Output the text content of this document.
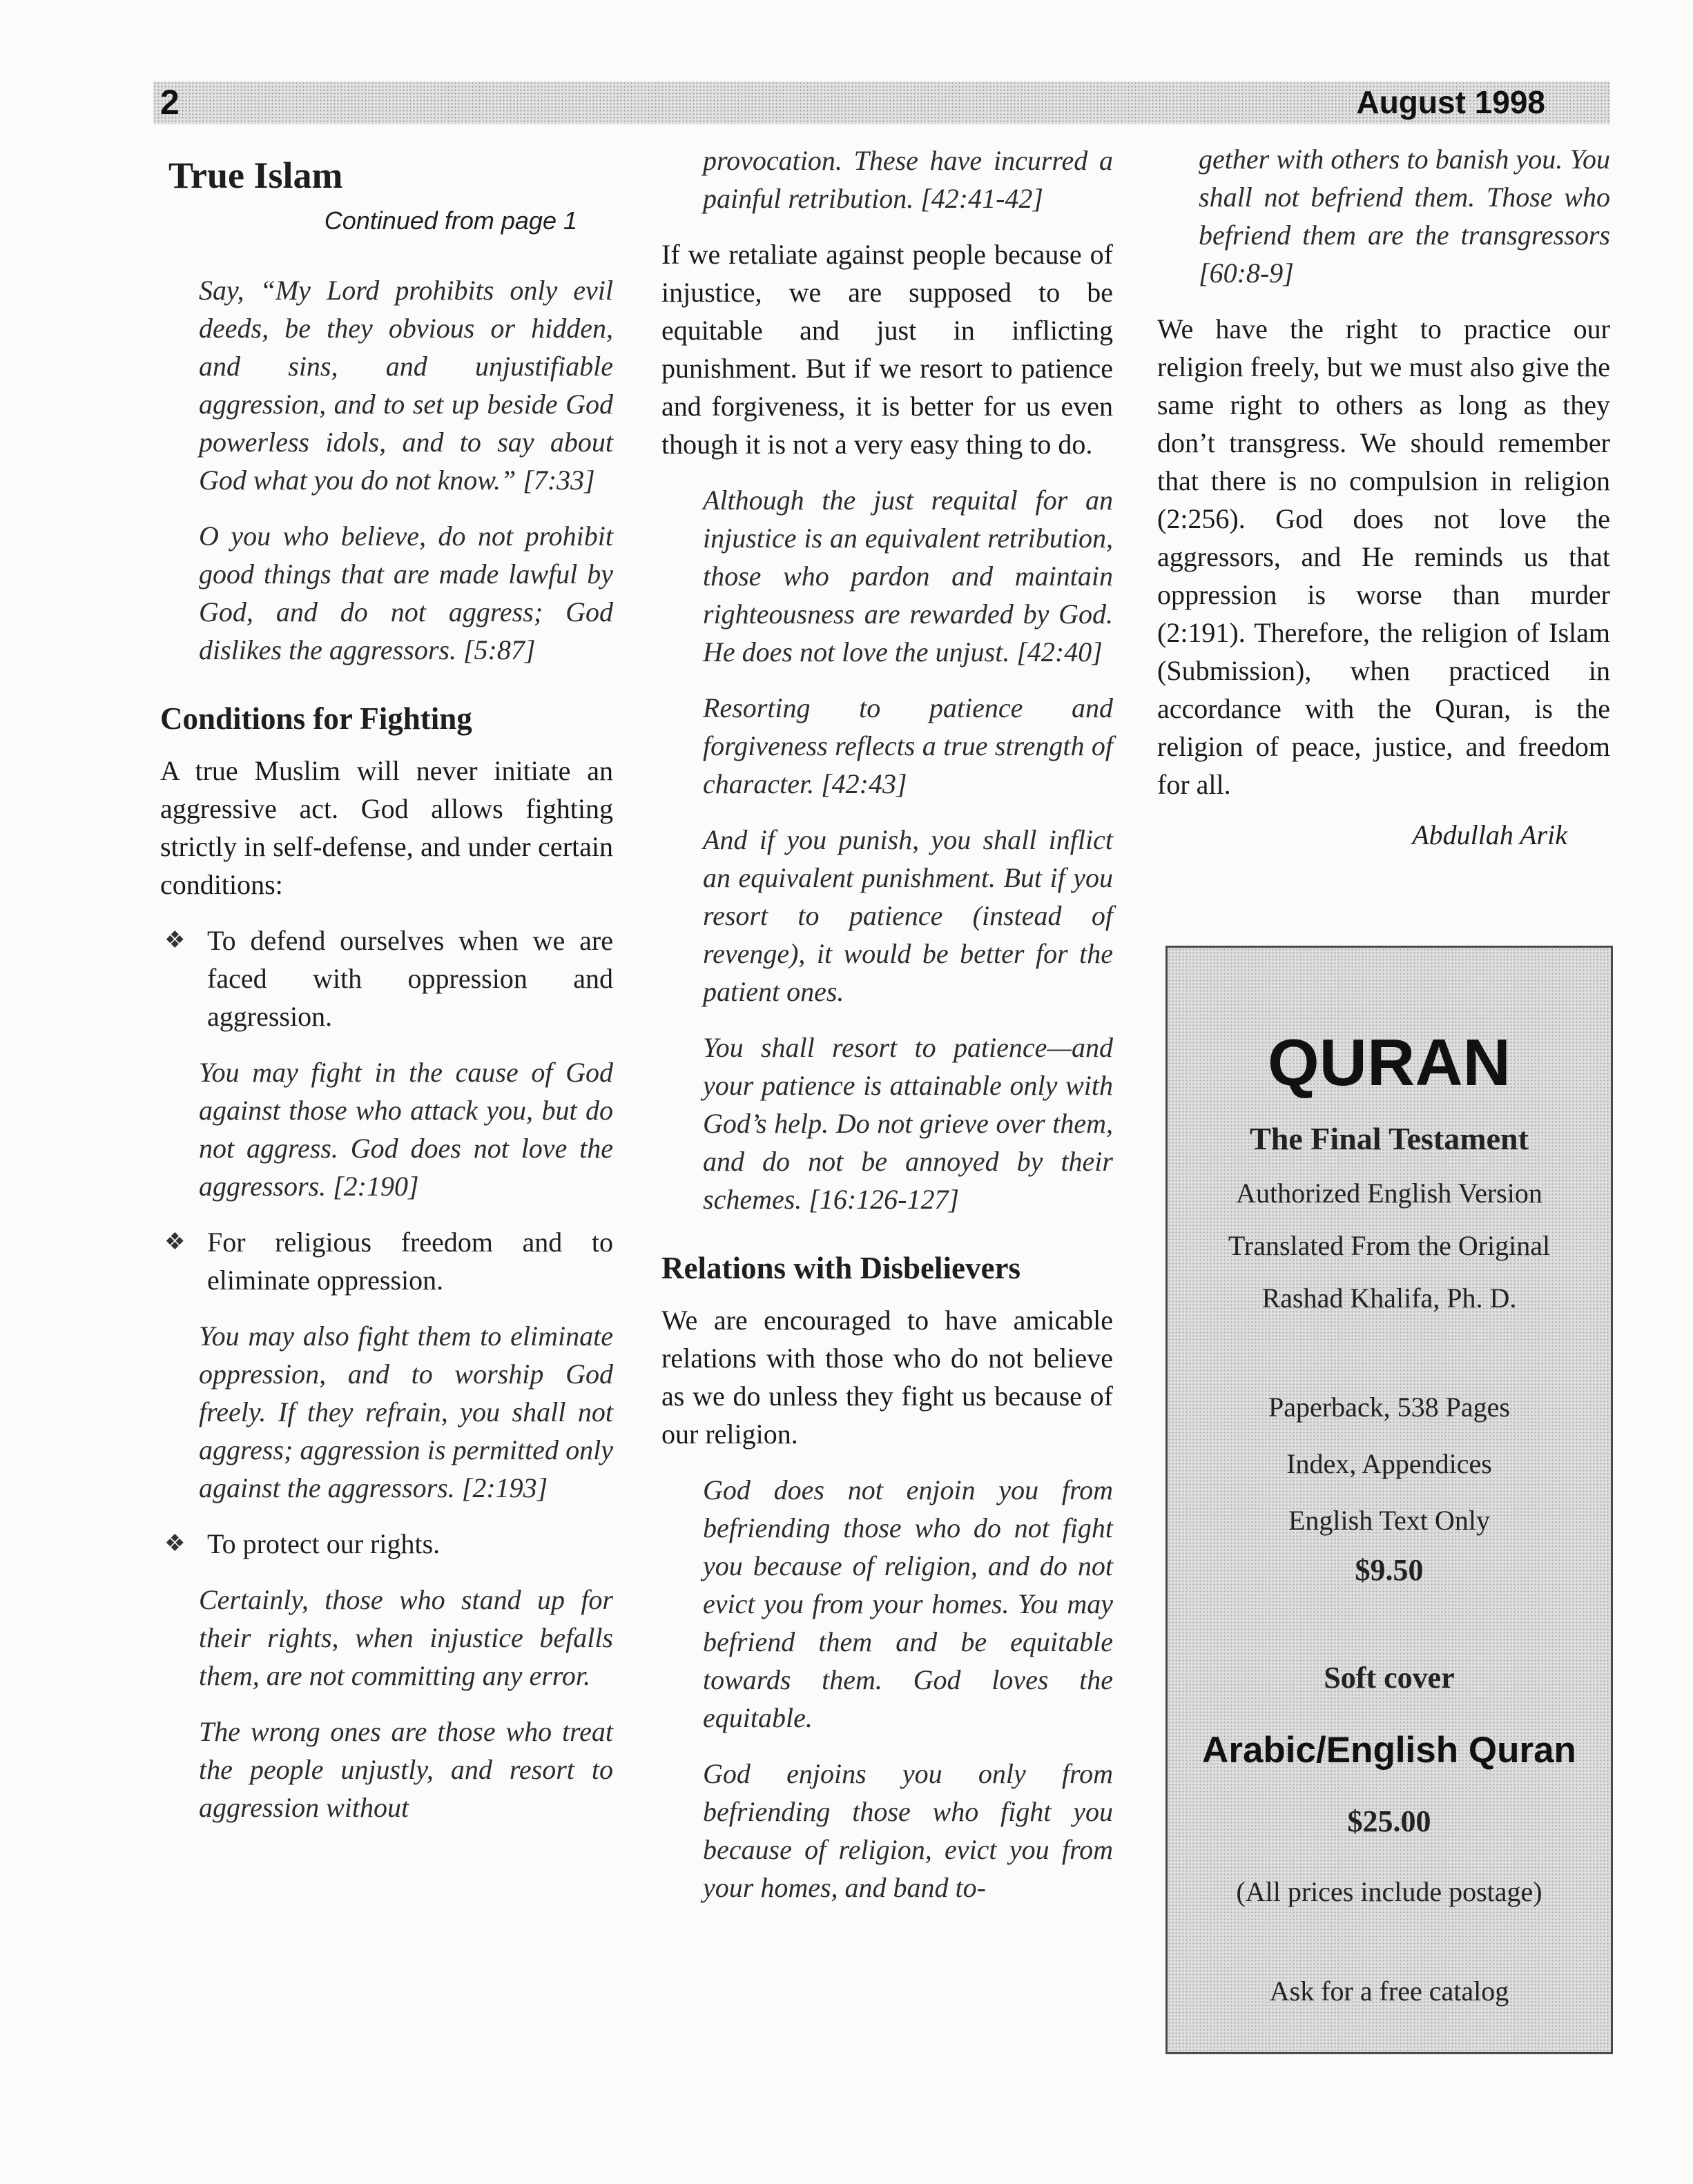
2	August 1998
True Islam
Continued from page 1
Say, “My Lord prohibits only evil deeds, be they obvious or hidden, and sins, and unjustifiable aggression, and to set up beside God powerless idols, and to say about God what you do not know.” [7:33]
O you who believe, do not prohibit good things that are made lawful by God, and do not aggress; God dislikes the aggressors. [5:87]
Conditions for Fighting
A true Muslim will never initiate an aggressive act. God allows fighting strictly in self-defense, and under certain conditions:
❖ To defend ourselves when we are faced with oppression and aggression.
You may fight in the cause of God against those who attack you, but do not aggress. God does not love the aggressors. [2:190]
❖ For religious freedom and to eliminate oppression.
You may also fight them to eliminate oppression, and to worship God freely. If they refrain, you shall not aggress; aggression is permitted only against the aggressors. [2:193]
❖ To protect our rights.
Certainly, those who stand up for their rights, when injustice befalls them, are not committing any error.
The wrong ones are those who treat the people unjustly, and resort to aggression without
provocation. These have incurred a painful retribution. [42:41-42]
If we retaliate against people because of injustice, we are supposed to be equitable and just in inflicting punishment. But if we resort to patience and forgiveness, it is better for us even though it is not a very easy thing to do.
Although the just requital for an injustice is an equivalent retribution, those who pardon and maintain righteousness are rewarded by God. He does not love the unjust. [42:40]
Resorting to patience and forgiveness reflects a true strength of character. [42:43]
And if you punish, you shall inflict an equivalent punishment. But if you resort to patience (instead of revenge), it would be better for the patient ones.
You shall resort to patience—and your patience is attainable only with God’s help. Do not grieve over them, and do not be annoyed by their schemes. [16:126-127]
Relations with Disbelievers
We are encouraged to have amicable relations with those who do not believe as we do unless they fight us because of our religion.
God does not enjoin you from befriending those who do not fight you because of religion, and do not evict you from your homes. You may befriend them and be equitable towards them. God loves the equitable.
God enjoins you only from befriending those who fight you because of religion, evict you from your homes, and band to-
gether with others to banish you. You shall not befriend them. Those who befriend them are the transgressors [60:8-9]
We have the right to practice our religion freely, but we must also give the same right to others as long as they don’t transgress. We should remember that there is no compulsion in religion (2:256). God does not love the aggressors, and He reminds us that oppression is worse than murder (2:191). Therefore, the religion of Islam (Submission), when practiced in accordance with the Quran, is the religion of peace, justice, and freedom for all.
Abdullah Arik
QURAN
The Final Testament
Authorized English Version
Translated From the Original
Rashad Khalifa, Ph. D.
Paperback, 538 Pages
Index, Appendices
English Text Only
$9.50
Soft cover
Arabic/English Quran
$25.00
(All prices include postage)
Ask for a free catalog
